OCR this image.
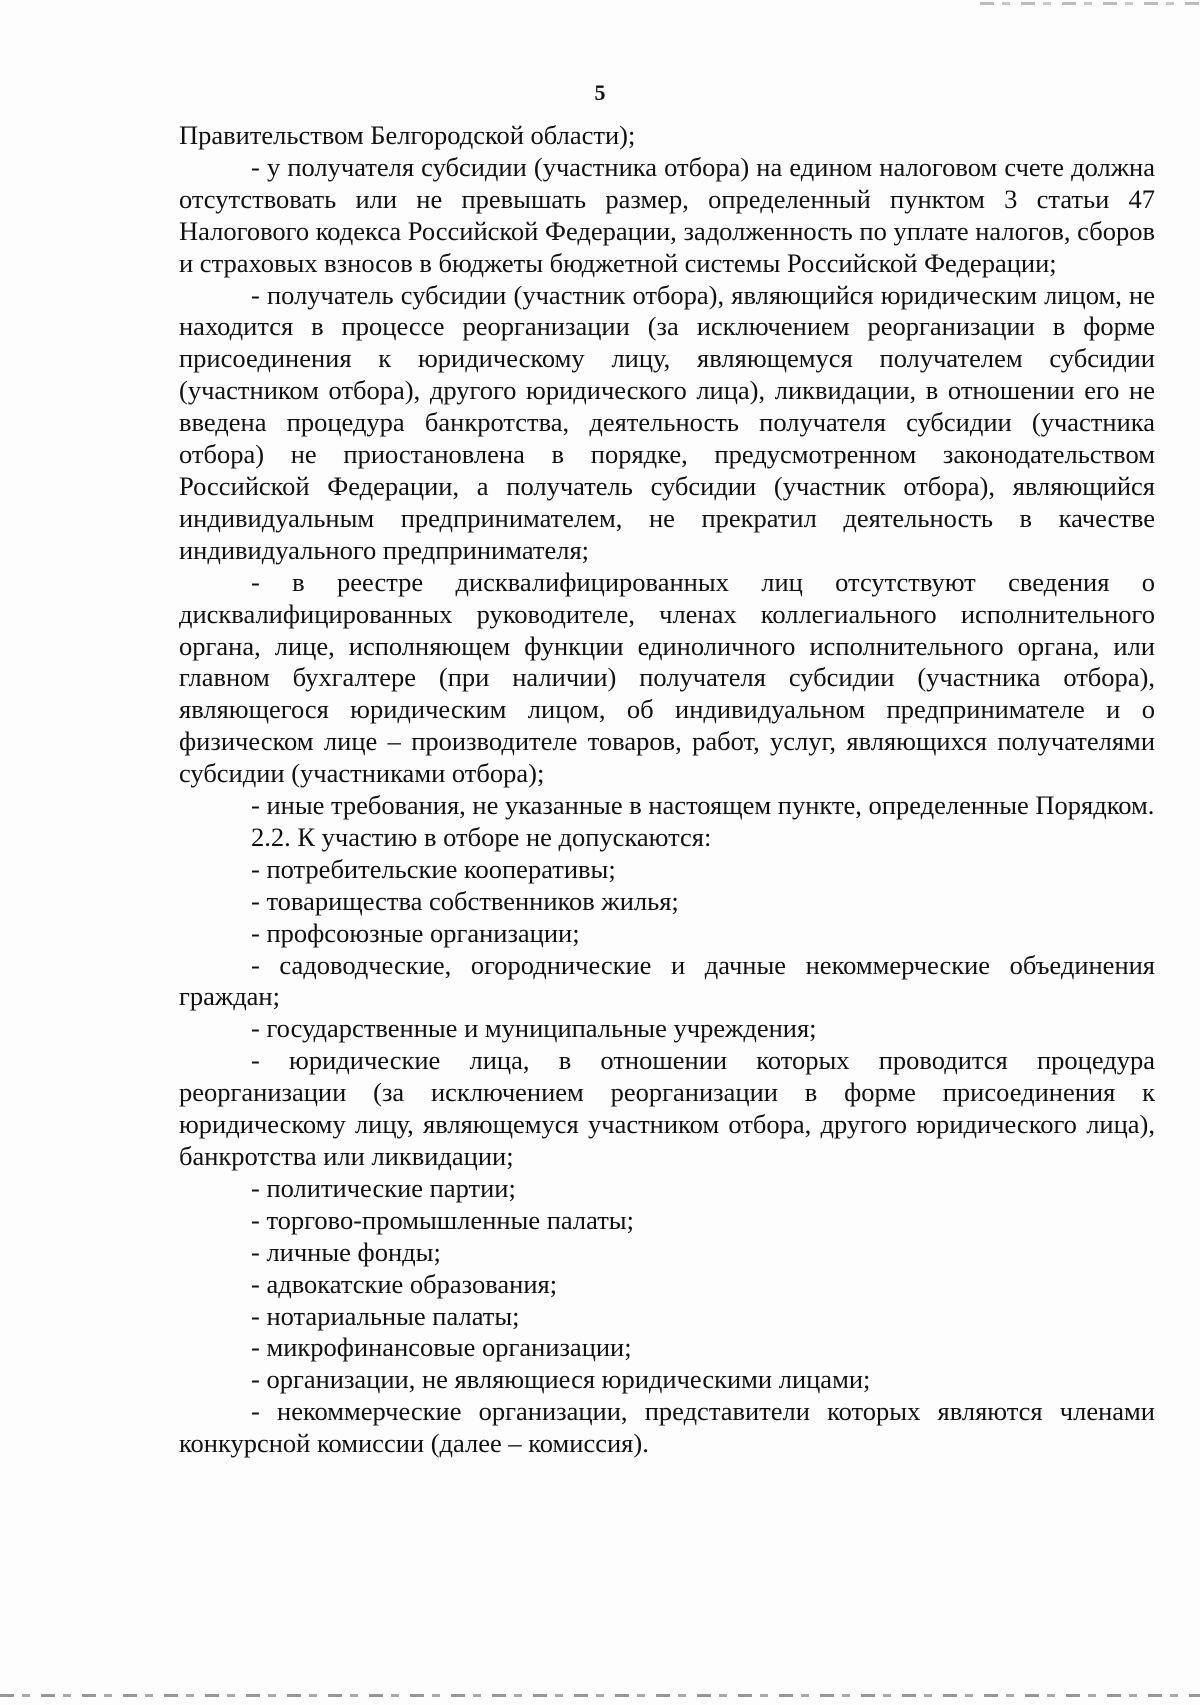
5

Правительством Белгородской области);

- у получателя субсидии (участника отбора) на едином налоговом счете должна отсутствовать или не превышать размер, определенный пунктом 3 статьи 47 Налогового кодекса Российской Федерации, задолженность по уплате налогов, сборов и страховых взносов в бюджеты бюджетной системы Российской Федерации;

- получатель субсидии (участник отбора), являющийся юридическим лицом, не находится в процессе реорганизации (за исключением реорганизации в форме присоединения к юридическому лицу, являющемуся получателем субсидии (участником отбора), другого юридического лица), ликвидации, в отношении его не введена процедура банкротства, деятельность получателя субсидии (участника отбора) не приостановлена в порядке, предусмотренном законодательством Российской Федерации, а получатель субсидии (участник отбора), являющийся индивидуальным предпринимателем, не прекратил деятельность в качестве индивидуального предпринимателя;

- в реестре дисквалифицированных лиц отсутствуют сведения о дисквалифицированных руководителе, членах коллегиального исполнительного органа, лице, исполняющем функции единоличного исполнительного органа, или главном бухгалтере (при наличии) получателя субсидии (участника отбора), являющегося юридическим лицом, об индивидуальном предпринимателе и о физическом лице – производителе товаров, работ, услуг, являющихся получателями субсидии (участниками отбора);

- иные требования, не указанные в настоящем пункте, определенные Порядком.

2.2. К участию в отборе не допускаются:

- потребительские кооперативы;

- товарищества собственников жилья;

- профсоюзные организации;

- садоводческие, огороднические и дачные некоммерческие объединения граждан;

- государственные и муниципальные учреждения;

- юридические лица, в отношении которых проводится процедура реорганизации (за исключением реорганизации в форме присоединения к юридическому лицу, являющемуся участником отбора, другого юридического лица), банкротства или ликвидации;

- политические партии;

- торгово-промышленные палаты;

- личные фонды;

- адвокатские образования;

- нотариальные палаты;

- микрофинансовые организации;

- организации, не являющиеся юридическими лицами;

- некоммерческие организации, представители которых являются членами конкурсной комиссии (далее – комиссия).
